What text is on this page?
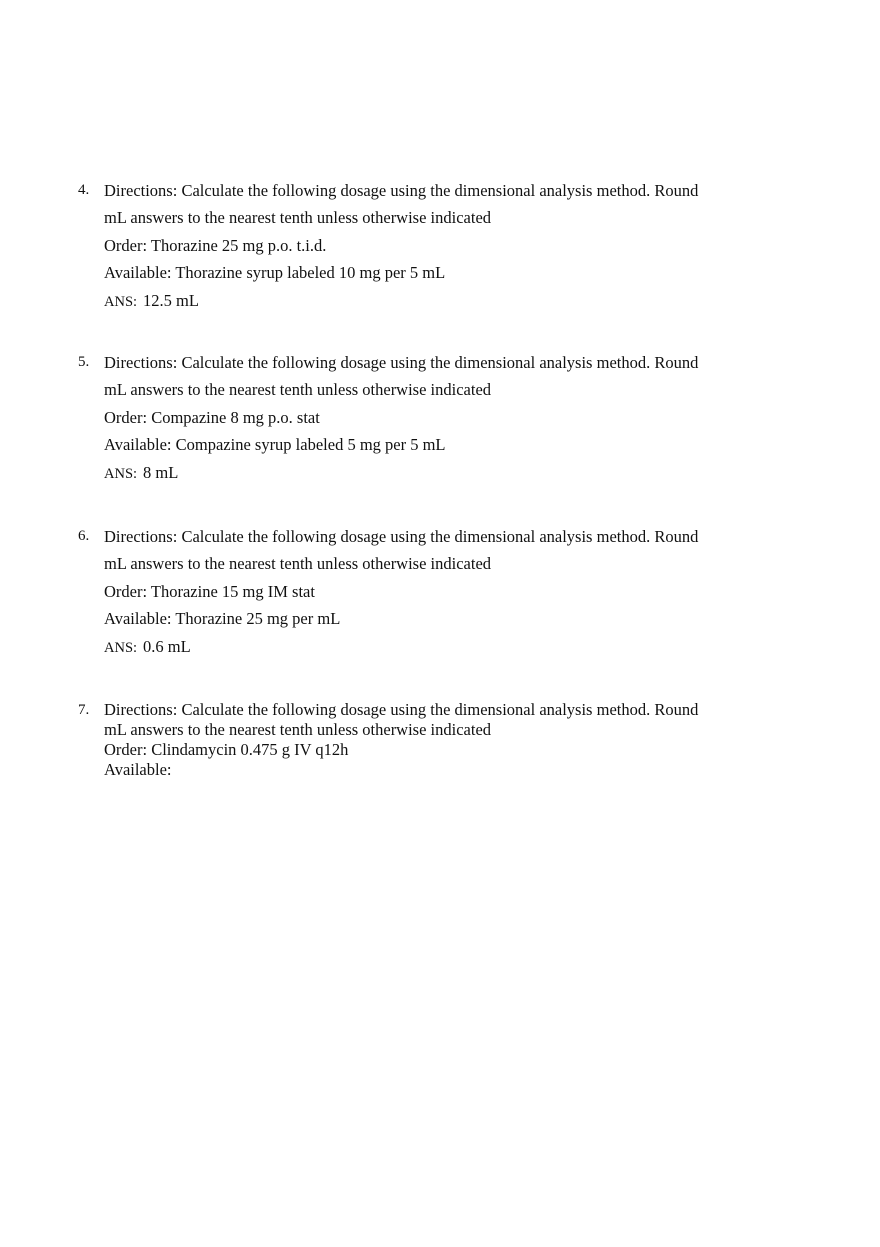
4. Directions: Calculate the following dosage using the dimensional analysis method. Round
mL answers to the nearest tenth unless otherwise indicated
Order: Thorazine 25 mg p.o. t.i.d.
Available: Thorazine syrup labeled 10 mg per 5 mL
ANS: 12.5 mL
5. Directions: Calculate the following dosage using the dimensional analysis method. Round
mL answers to the nearest tenth unless otherwise indicated
Order: Compazine 8 mg p.o. stat
Available: Compazine syrup labeled 5 mg per 5 mL
ANS: 8 mL
6. Directions: Calculate the following dosage using the dimensional analysis method. Round
mL answers to the nearest tenth unless otherwise indicated
Order: Thorazine 15 mg IM stat
Available: Thorazine 25 mg per mL
ANS: 0.6 mL
7. Directions: Calculate the following dosage using the dimensional analysis method. Round
mL answers to the nearest tenth unless otherwise indicated
Order: Clindamycin 0.475 g IV q12h
Available:
